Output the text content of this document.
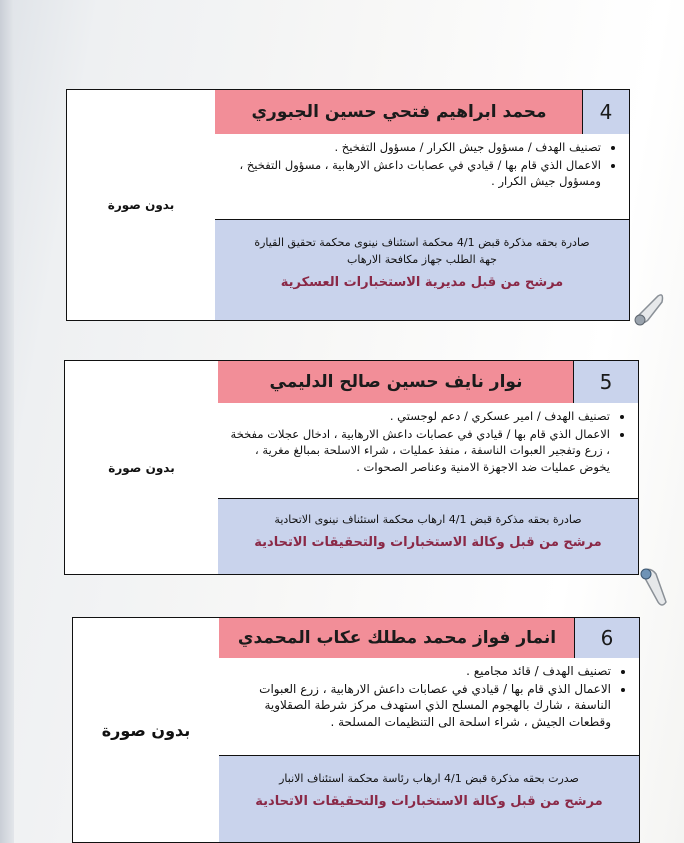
بدون صورة
محمد ابراهيم فتحي حسين الجبوري	4
• تصنيف الهدف / مسؤول جيش الكرار / مسؤول التفخيخ .
• الاعمال الذي قام بها / قيادي في عصابات داعش الارهابية ، مسؤول التفخيخ ، ومسؤول جيش الكرار .
صادرة بحقه مذكرة قبض 4/1 محكمة استئناف نينوى محكمة تحقيق القيارة
جهة الطلب جهاز مكافحة الارهاب
مرشح من قبل مديرية الاستخبارات العسكرية
بدون صورة
نوار نايف حسين صالح الدليمي	5
• تصنيف الهدف / امير عسكري / دعم لوجستي .
• الاعمال الذي قام بها / قيادي في عصابات داعش الارهابية ، ادخال عجلات مفخخة ، زرع وتفجير العبوات الناسفة ، منفذ عمليات ، شراء الاسلحة بمبالغ مغرية ، يخوض عمليات ضد الاجهزة الامنية وعناصر الصحوات .
صادرة بحقه مذكرة قبض 4/1 ارهاب محكمة استئناف نينوى الاتحادية
مرشح من قبل وكالة الاستخبارات والتحقيقات الاتحادية
بدون صورة
انمار فواز محمد مطلك عكاب المحمدي 6
• تصنيف الهدف / قائد مجاميع .
• الاعمال الذي قام بها / قيادي في عصابات داعش الارهابية ، زرع العبوات الناسفة ، شارك بالهجوم المسلح الذي استهدف مركز شرطة الصقلاوية وقطعات الجيش ، شراء اسلحة الى التنظيمات المسلحة .
صدرت بحقه مذكرة قبض 4/1 ارهاب رئاسة محكمة استئناف الانبار
مرشح من قبل وكالة الاستخبارات والتحقيقات الاتحادية
